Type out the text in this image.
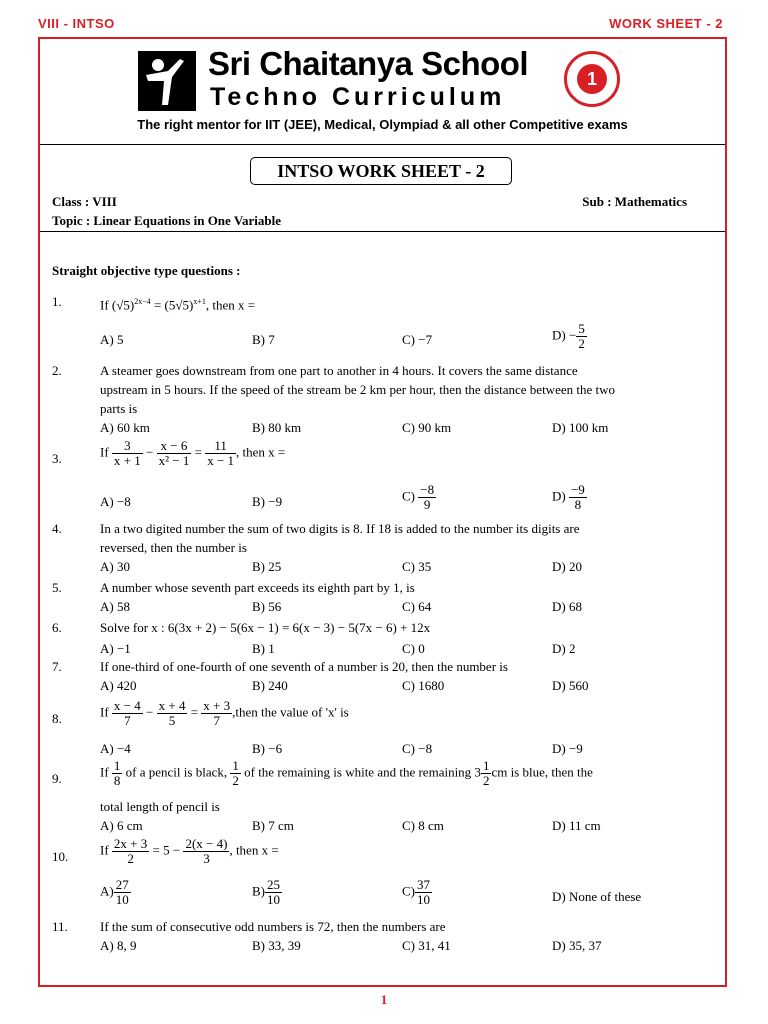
VIII - INTSO	WORK SHEET - 2
Sri Chaitanya School
Techno Curriculum
1
The right mentor for IIT (JEE), Medical, Olympiad & all other Competitive exams
INTSO WORK SHEET - 2
Class : VIII	Sub : Mathematics
Topic : Linear Equations in One Variable
Straight objective type questions :
1.	If $(√5)^{2x-4} = (5√5)^{x+1}$, then x =
A) 5	B) 7	C) −7	$D) - \frac{5}{2}$
2.	A steamer goes downstream from one part to another in 4 hours. It covers the same distance
upstream in 5 hours. If the speed of the stream be 2 km per hour, then the distance between the two
parts is
A) 60 km	B) 80 km	C) 90 km	D) 100 km
3.	If $\frac{3}{x + 1} - \frac{x - 6}{\text{x² − 1}} = \frac{11}{x - 1}$ , then x =
A) −8	B) −9	$C) \frac{-8}{9}$	$D) \frac{-9}{8}$
4.	In a two digited number the sum of two digits is 8. If 18 is added to the number its digits are
reversed, then the number is
A) 30	B) 25	C) 35	D) 20
5.	A number whose seventh part exceeds its eighth part by 1, is
A) 58	B) 56	C) 64	D) 68
6.	Solve for x : 6(3x + 2) − 5(6x − 1) = 6(x − 3) − 5(7x − 6) + 12x
A) −1	B) 1	C) 0	D) 2
7.	If one-third of one-fourth of one seventh of a number is 20, then the number is
A) 420	B) 240	C) 1680	D) 560
8.	If $\frac{x - 4}{7} - \frac{x + 4}{5} = \frac{x + 3}{7}$ ,then the value of 'x' is
A) −4	B) −6	C) −8	D) −9
9.	If $\frac{1}{8}$ of a pencil is black, $\frac{1}{2}$ of the remaining is white and the remaining $3 \frac{1}{2}$ cm is blue, then the
total length of pencil is
A) 6 cm	B) 7 cm	C) 8 cm	D) 11 cm
10. If $\frac{2x + 3}{2} = 5 - \frac{2(x - 4)}{3}$ , then x =
$A) \frac{27}{10}$	$B) \frac{25}{10}$	$C) \frac{37}{10}$	D) None of these
11. If the sum of consecutive odd numbers is 72, then the numbers are
A) 8, 9	B) 33, 39	C) 31, 41	D) 35, 37
1
